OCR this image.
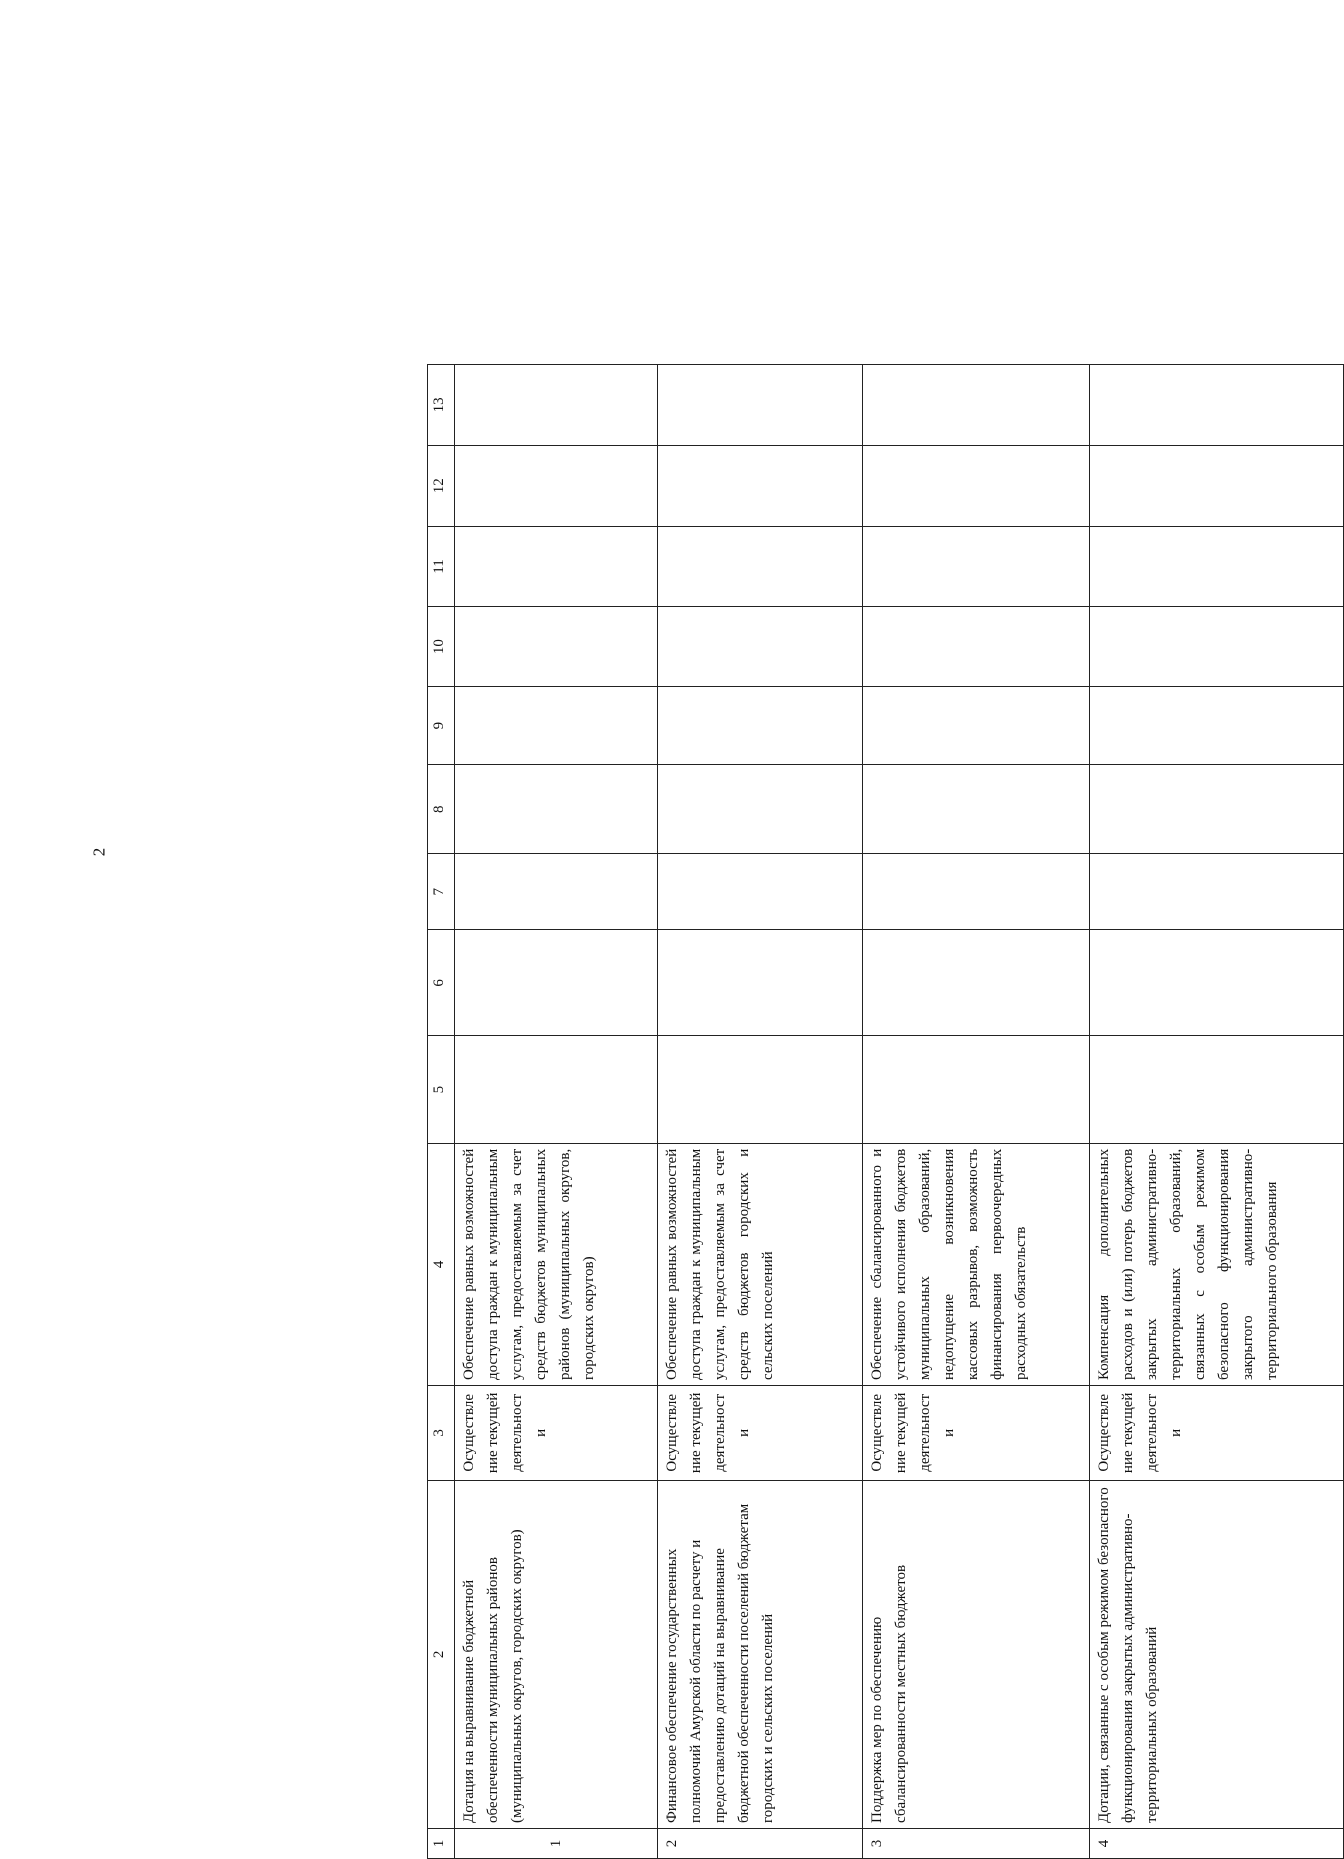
2
1	2	3	4	5	6	7	8	9	10	11	12	13
1	Дотация на выравнивание бюджетной обеспеченности муниципальных районов (муниципальных округов, городских округов)	Осуществление текущей деятельности	Обеспечение равных возможностей доступа граждан к муниципальным услугам, предоставляемым за счет средств бюджетов муниципальных районов (муниципальных округов, городских округов)									
2	Финансовое обеспечение государственных полномочий Амурской области по расчету и предоставлению дотаций на выравнивание бюджетной обеспеченности поселений бюджетам городских и сельских поселений	Осуществление текущей деятельности	Обеспечение равных возможностей доступа граждан к муниципальным услугам, предоставляемым за счет средств бюджетов городских и сельских поселений									
3	Поддержка мер по обеспечению сбалансированности местных бюджетов	Осуществление текущей деятельности	Обеспечение сбалансированного и устойчивого исполнения бюджетов муниципальных образований, недопущение возникновения кассовых разрывов, возможность финансирования первоочередных расходных обязательств									
4	Дотации, связанные с особым режимом безопасного функционирования закрытых административно-территориальных образований	Осуществление текущей деятельности	Компенсация дополнительных расходов и (или) потерь бюджетов закрытых административно-территориальных образований, связанных с особым режимом безопасного функционирования закрытого административно-территориального образования									
